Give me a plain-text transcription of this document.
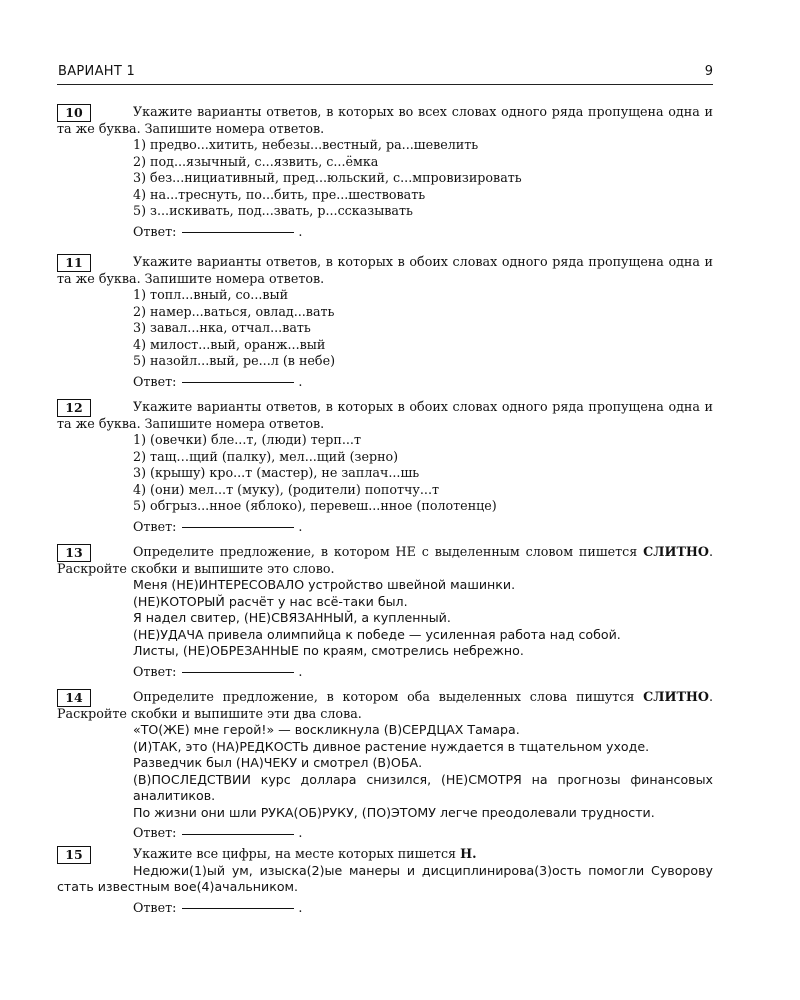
ВАРИАНТ 1	9
10	Укажите варианты ответов, в которых во всех словах одного ряда пропущена одна и та же буква. Запишите номера ответов.

1) предво...хитить, небезы...вестный, ра...шевелить
2) под...язычный, с...язвить, с...ёмка
3) без...нициативный, пред...юльский, с...мпровизировать
4) на...треснуть, по...бить, пре...шествовать
5) з...искивать, под...звать, р...ссказывать
Ответ:	.
11	Укажите варианты ответов, в которых в обоих словах одного ряда пропущена одна и та же буква. Запишите номера ответов.

1) топл...вный, со...вый
2) намер...ваться, овлад...вать
3) завал...нка, отчал...вать
4) милост...вый, оранж...вый
5) назойл...вый, ре...л (в небе)
Ответ:	.
12	Укажите варианты ответов, в которых в обоих словах одного ряда пропущена одна и та же буква. Запишите номера ответов.

1) (овечки) бле...т, (люди) терп...т
2) тащ…щий (палку), мел...щий (зерно)
3) (крышу) кро...т (мастер), не заплач...шь
4) (они) мел...т (муку), (родители) попотчу...т
5) обгрыз...нное (яблоко), перевеш...нное (полотенце)
Ответ:	.
13	Определите предложение, в котором НЕ с выделенным словом пишется СЛИТНО. Раскройте скобки и выпишите это слово.

Меня (НЕ)ИНТЕРЕСОВАЛО устройство швейной машинки.
(НЕ)КОТОРЫЙ расчёт у нас всё-таки был.
Я надел свитер, (НЕ)СВЯЗАННЫЙ, а купленный.
(НЕ)УДАЧА привела олимпийца к победе — усиленная работа над собой.
Листы, (НЕ)ОБРЕЗАННЫЕ по краям, смотрелись небрежно.
Ответ:	.
14	Определите предложение, в котором оба выделенных слова пишутся СЛИТНО. Раскройте скобки и выпишите эти два слова.

«ТО(ЖЕ) мне герой!» — воскликнула (В)СЕРДЦАХ Тамара.
(И)ТАК, это (НА)РЕДКОСТЬ дивное растение нуждается в тщательном уходе.
Разведчик был (НА)ЧЕКУ и смотрел (В)ОБА.
(В)ПОСЛЕДСТВИИ курс доллара снизился, (НЕ)СМОТРЯ на прогнозы финансовых аналитиков.
По жизни они шли РУКА(ОБ)РУКУ, (ПО)ЭТОМУ легче преодолевали трудности.
Ответ:	.
15	Укажите все цифры, на месте которых пишется Н.

Недюжи(1)ый ум, изыска(2)ые манеры и дисциплинирова(3)ость помогли Суворову стать известным вое(4)ачальником.

Ответ:	.
